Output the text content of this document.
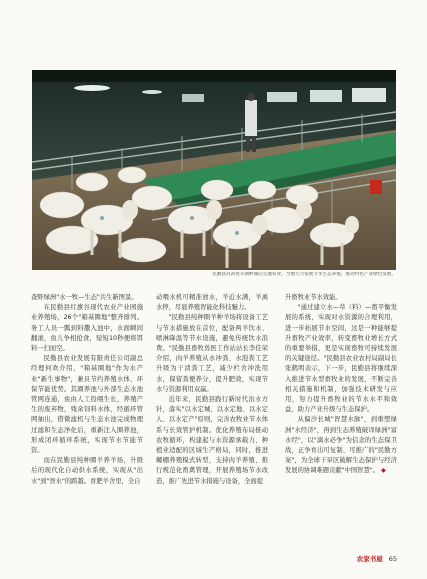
民勤县苏武牧羊湖畔湖泊主题农业。当地大力发展节水生态养殖，推动特色产业绿色发展。

查野绿洲"水一牧—生态"共生新图景。

在民勤县红旗谷现代农业产业园施业养殖场，26个"箱基圈地"整齐排列。务工人员一瓢到料撒入池中，水面瞬间翻滚，鱼儿争相抢食，短短10秒便将饵料一扫而空。

民勤县农业发展有限责任公司副总经理何欢介绍，"箱基圈地"作为水产业"新生事物"，兼具节约养殖水体、环保节能优势。其圈养池与外部生态水池管网连通，鱼由人工投喂生长，养殖产生的废弃物，残余饲料水体，经循环管网抽出，借微滤机与生态水池完成物理过滤和生态净化后，重新注入圈养池，形成闭环循环系统，实现节水节能节资。

而在民勤县纯种圈羊养羊场，升级后的现代化自动供水系统，实现从"出水"到"智水"的跨越。育肥羊舍里，全自

动喂水机可精准放水，羊近水满，羊离水停，尽显养殖智能化科技魅力。

"民勤县纯种圈羊种羊场将设备工艺与节水措施放在首位，配备两羊饮水、喷淋降温等节水设施，避免传统饮水浪费。"民勤县畜牧兽医工作站站长李佳荣介绍，肉羊养殖从水冲粪、水泡粪工艺升级为干清粪工艺，减少栏舍冲洗用水，保留粪便养分，提升肥效，实现节水与资源利用双赢。

近年来，民勤县践行新时代治水方针，落实"以水定城、以水定地、以水定人、以水定产"原则，完善农牧业节水体系与长效管护机制。优化养殖布局推动农牧循环，构建起与水资源承载力、种植业适配的区域生产格局，同时，推进螺棚养殖模式转型，支持肉羊养殖、推行规范化畜禽管理，开展养殖场节水改造，推广先进节水措施与设备，全面提

升畜牧业节水效能。

"通过建立水—草（料）—畜平衡发展的系统，实现对水资源的合理利用，进一步拓展节水空间，这是一种能够提升畜牧产业效率，转变畜牧业增长方式的重要举措，更是实现畜牧可持续发展的关键途径。"民勤县农业农村局副局长张鹤明表示，下一步，民勤县将继续深入推进节水型畜牧业的发展，不断完善相关措施和机制，加强技术研发与应用，努力提升畜牧业的节水水平和效益，助力产业升级与生态保护。

从偏沙长城"智慧水脉"，到重塑绿洲"水经济"，再到生态养殖破译绿洲"富水经"，以"滴水必争"为信念的生态保卫战，正争育出可复制、可推广的"民勤方案"，为全球干旱区破解生态保护与经济发展的协调难题贡献"中国智慧"。 ◆

农家书屋 65
